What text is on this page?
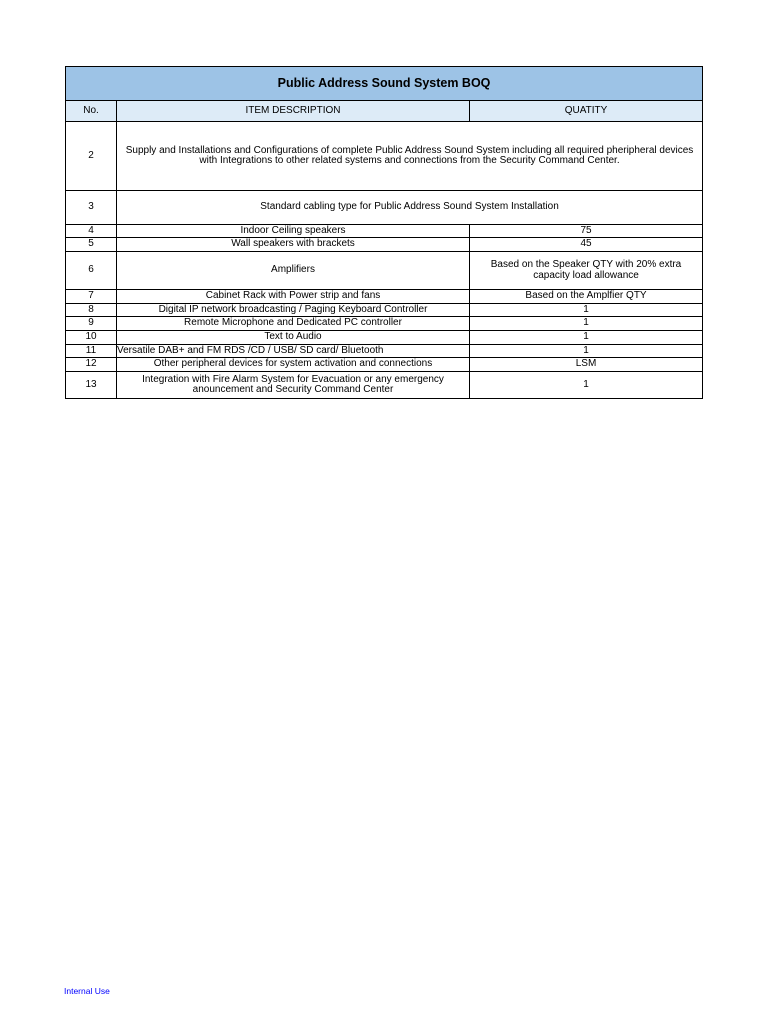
Public Address Sound System BOQ		
No.	ITEM DESCRIPTION	QUATITY
2	Supply and Installations and Configurations of complete Public Address Sound System including all required pheripheral devices
with Integrations to other related systems and connections from the Security Command Center.	

3	Standard cabling type for Public Address Sound System Installation	
4	Indoor Ceiling speakers	75
5	Wall speakers with brackets	45
6	Amplifiers	Based on the Speaker QTY with 20% extra
capacity load allowance

7	Cabinet Rack with Power strip and fans	Based on the Amplfier QTY
8	Digital IP network broadcasting / Paging Keyboard Controller	1
9	Remote Microphone and Dedicated PC controller	1
10	Text to Audio	1
11	Versatile DAB+ and FM RDS /CD / USB/ SD card/ Bluetooth	1
12	Other peripheral devices for system activation and connections	LSM
13	Integration with Fire Alarm System for Evacuation or any emergency
anouncement and Security Command Center	1
Internal Use
